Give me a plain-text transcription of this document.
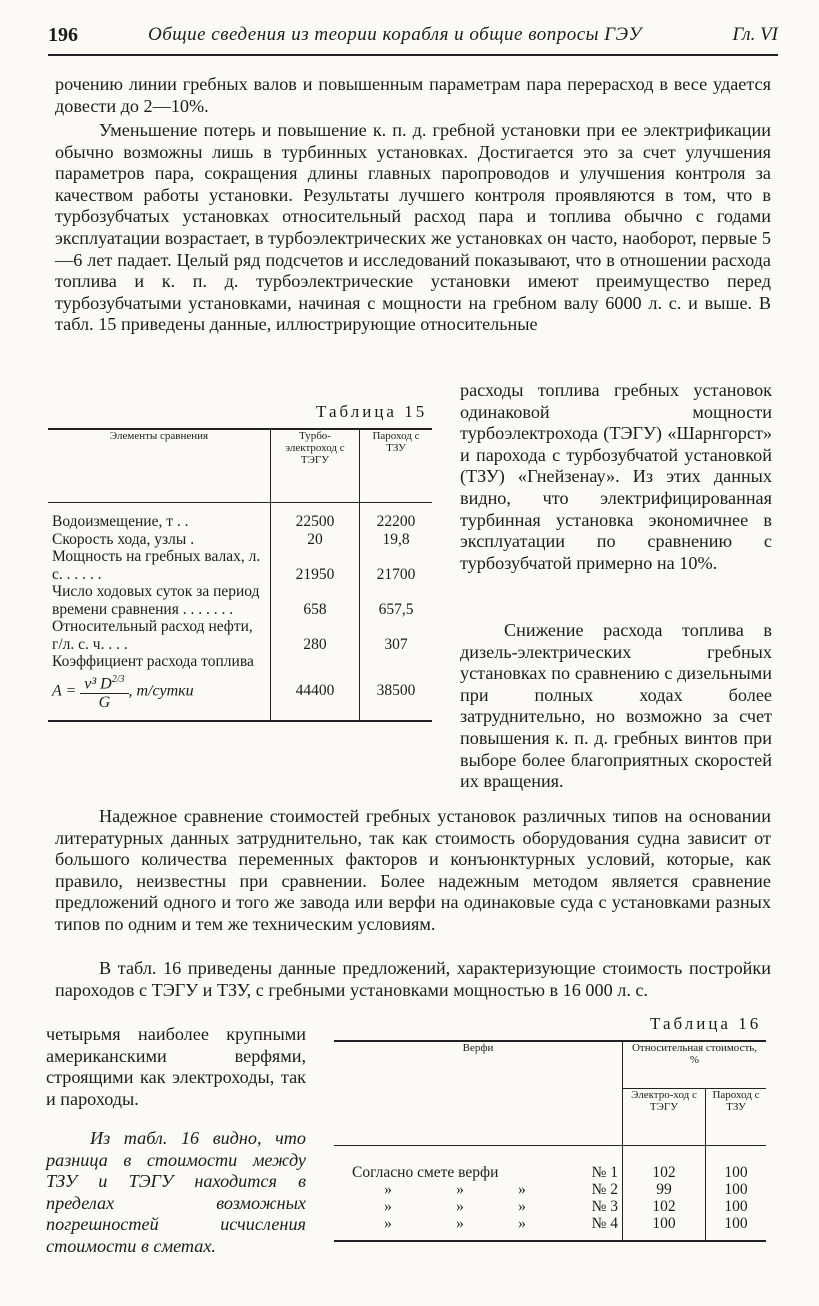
196	Общие сведения из теории корабля и общие вопросы ГЭУ	Гл. VI
рочению линии гребных валов и повышенным параметрам пара перерасход в весе удается довести до 2—10%.
Уменьшение потерь и повышение к. п. д. гребной установки при ее электрификации обычно возможны лишь в турбинных установках. Достигается это за счет улучшения параметров пара, сокращения длины главных паропроводов и улучшения контроля за качеством работы установки. Результаты лучшего контроля проявляются в том, что в турбозубчатых установках относительный расход пара и топлива обычно с годами эксплуатации возрастает, в турбоэлектрических же установках он часто, наоборот, первые 5—6 лет падает. Целый ряд подсчетов и исследований показывают, что в отношении расхода топлива и к. п. д. турбоэлектрические установки имеют преимущество перед турбозубчатыми установками, начиная с мощности на гребном валу 6000 л. с. и выше. В табл. 15 приведены данные, иллюстрирующие относительные
Таблица 15
Элементы сравнения	Турбо-электроход с ТЭГУ	Пароход с ТЗУ
Водоизмещение, т . .	22500	22200
Скорость хода, узлы .	20	19,8
Мощность на гребных валах, л. с. . . . . .	21950	21700
Число ходовых суток за период времени сравнения . . . . . . .	658	657,5
Относительный расход нефти, г/л. с. ч. . . .	280	307
Коэффициент расхода топлива		
$A = \frac{v^3 D^{2/3}}{G}$ , т/сутки	44400	38500
расходы топлива гребных установок одинаковой мощности турбоэлектрохода (ТЭГУ) «Шарнгорст» и парохода с турбозубчатой установкой (ТЗУ) «Гнейзенау». Из этих данных видно, что электрифицированная турбинная установка экономичнее в эксплуатации по сравнению с турбозубчатой примерно на 10%.
Снижение расхода топлива в дизель-электрических гребных установках по сравнению с дизельными при полных ходах более затруднительно, но возможно за счет повышения к. п. д. гребных винтов при выборе более благоприятных скоростей их вращения.
Надежное сравнение стоимостей гребных установок различных типов на основании литературных данных затруднительно, так как стоимость оборудования судна зависит от большого количества переменных факторов и конъюнктурных условий, которые, как правило, неизвестны при сравнении. Более надежным методом является сравнение предложений одного и того же завода или верфи на одинаковые суда с установками разных типов по одним и тем же техническим условиям.
В табл. 16 приведены данные предложений, характеризующие стоимость постройки пароходов с ТЭГУ и ТЗУ, с гребными установками мощностью в 16 000 л. с.
четырьмя наиболее крупными американскими верфями, строящими как электроходы, так и пароходы.
Из табл. 16 видно, что разница в стоимости между ТЗУ и ТЭГУ находится в пределах возможных погрешностей исчисления стоимости в сметах.
Таблица 16
Верфи	Относительная стоимость, %	
	Электро-ход с ТЭГУ	Пароход с ТЗУ
Согласно смете верфи № 1	102	100
» » » № 2	99	100
» » » № 3	102	100
» » » № 4	100	100
